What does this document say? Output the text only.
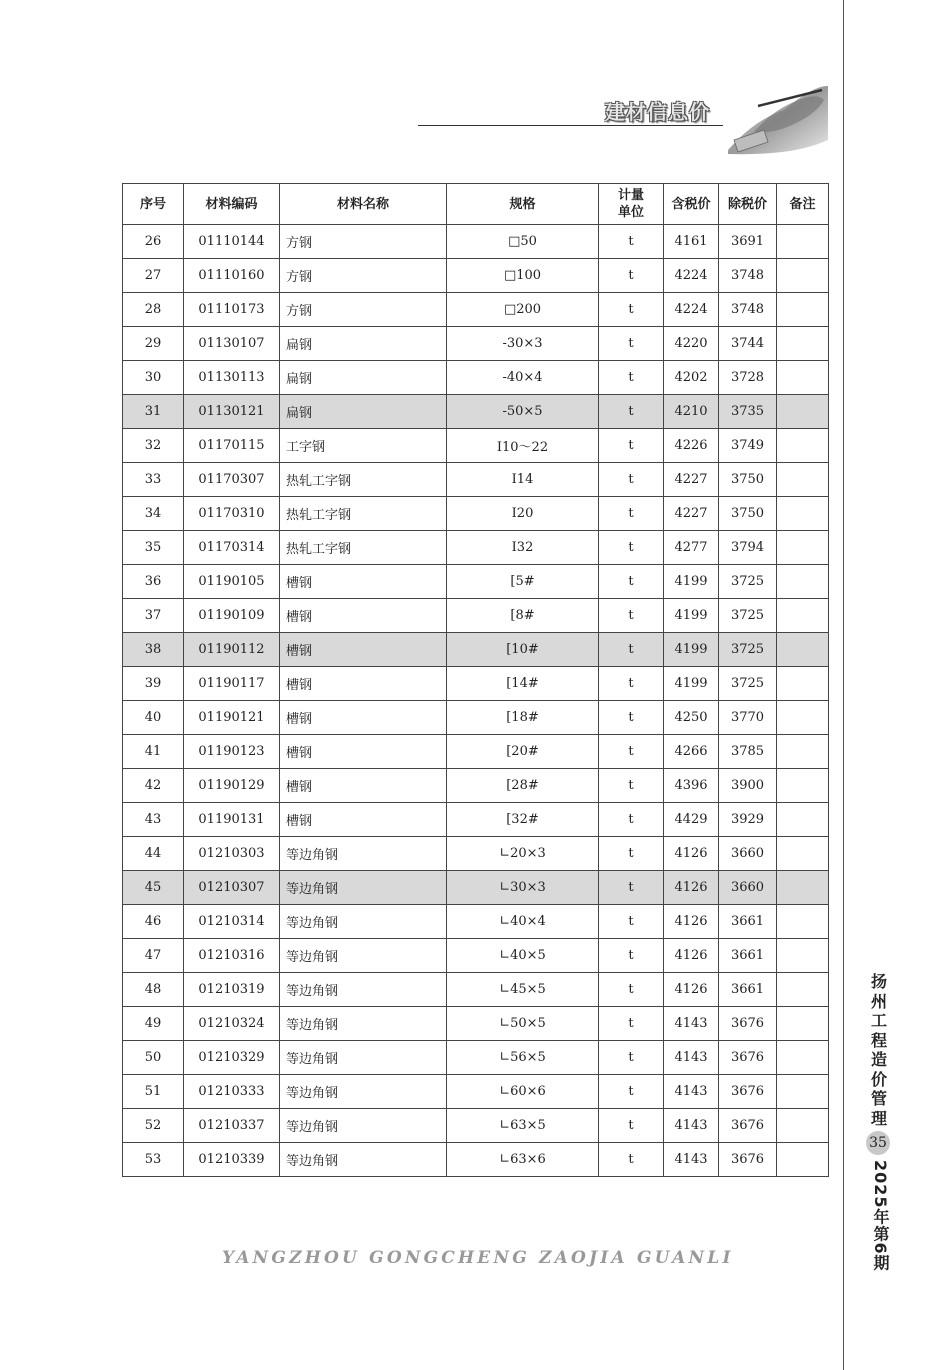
建材信息价
序号	材料编码	材料名称	规格	计量单位	含税价	除税价	备注
26	01110144	方钢	□50	t	4161	3691	
27	01110160	方钢	□100	t	4224	3748	
28	01110173	方钢	□200	t	4224	3748	
29	01130107	扁钢	-30×3	t	4220	3744	
30	01130113	扁钢	-40×4	t	4202	3728	
31	01130121	扁钢	-50×5	t	4210	3735	
32	01170115	工字钢	I10～22	t	4226	3749	
33	01170307	热轧工字钢	I14	t	4227	3750	
34	01170310	热轧工字钢	I20	t	4227	3750	
35	01170314	热轧工字钢	I32	t	4277	3794	
36	01190105	槽钢	[5#	t	4199	3725	
37	01190109	槽钢	[8#	t	4199	3725	
38	01190112	槽钢	[10#	t	4199	3725	
39	01190117	槽钢	[14#	t	4199	3725	
40	01190121	槽钢	[18#	t	4250	3770	
41	01190123	槽钢	[20#	t	4266	3785	
42	01190129	槽钢	[28#	t	4396	3900	
43	01190131	槽钢	[32#	t	4429	3929	
44	01210303	等边角钢	∟20×3	t	4126	3660	
45	01210307	等边角钢	∟30×3	t	4126	3660	
46	01210314	等边角钢	∟40×4	t	4126	3661	
47	01210316	等边角钢	∟40×5	t	4126	3661	
48	01210319	等边角钢	∟45×5	t	4126	3661	
49	01210324	等边角钢	∟50×5	t	4143	3676	
50	01210329	等边角钢	∟56×5	t	4143	3676	
51	01210333	等边角钢	∟60×6	t	4143	3676	
52	01210337	等边角钢	∟63×5	t	4143	3676	
53	01210339	等边角钢	∟63×6	t	4143	3676	
扬州工程造价管理
35
2025年第6期
YANGZHOU GONGCHENG ZAOJIA GUANLI
